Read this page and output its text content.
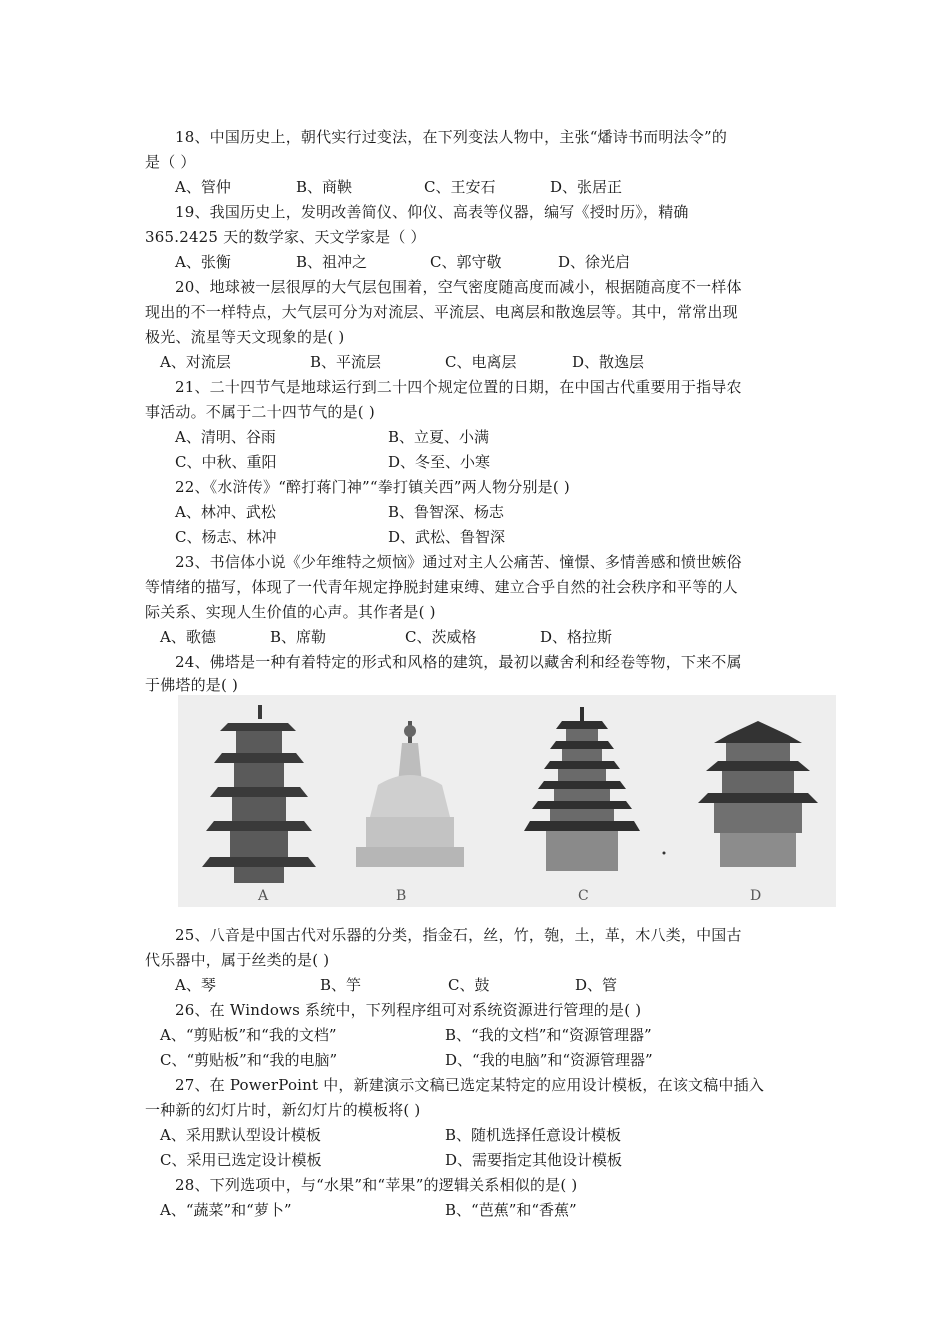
18、中国历史上，朝代实行过变法，在下列变法人物中，主张“燔诗书而明法令”的
是（ ）
A、管仲	B、商鞅	C、王安石	D、张居正
19、我国历史上，发明改善简仪、仰仪、高表等仪器，编写《授时历》，精确
365.2425 天的数学家、天文学家是（ ）
A、张衡	B、祖冲之	C、郭守敬	D、徐光启
20、地球被一层很厚的大气层包围着，空气密度随高度而减小，根据随高度不一样体
现出的不一样特点，大气层可分为对流层、平流层、电离层和散逸层等。其中，常常出现
极光、流星等天文现象的是( )
A、对流层	B、平流层	C、电离层	D、散逸层
21、二十四节气是地球运行到二十四个规定位置的日期，在中国古代重要用于指导农
事活动。不属于二十四节气的是( )
A、清明、谷雨	B、立夏、小满
C、中秋、重阳	D、冬至、小寒
22、《水浒传》“醉打蒋门神”“拳打镇关西”两人物分别是( )
A、林冲、武松	B、鲁智深、杨志
C、杨志、林冲	D、武松、鲁智深
23、书信体小说《少年维特之烦恼》通过对主人公痛苦、憧憬、多情善感和愤世嫉俗
等情绪的描写，体现了一代青年规定挣脱封建束缚、建立合乎自然的社会秩序和平等的人
际关系、实现人生价值的心声。其作者是( )
A、歌德	B、席勒	C、茨威格	D、格拉斯
24、佛塔是一种有着特定的形式和风格的建筑，最初以藏舍利和经卷等物，下来不属
于佛塔的是( )
A	B	C	D
25、八音是中国古代对乐器的分类，指金石，丝，竹，匏，土，革，木八类，中国古
代乐器中，属于丝类的是( )
A、琴	B、竽	C、鼓	D、管
26、在 Windows 系统中，下列程序组可对系统资源进行管理的是( )
A、“剪贴板”和“我的文档”	B、“我的文档”和“资源管理器”
C、“剪贴板”和“我的电脑”	D、“我的电脑”和“资源管理器”
27、在 PowerPoint 中，新建演示文稿已选定某特定的应用设计模板，在该文稿中插入
一种新的幻灯片时，新幻灯片的模板将( )
A、采用默认型设计模板	B、随机选择任意设计模板
C、采用已选定设计模板	D、需要指定其他设计模板
28、下列选项中，与“水果”和“苹果”的逻辑关系相似的是( )
A、“蔬菜”和“萝卜”	B、“芭蕉”和“香蕉”
